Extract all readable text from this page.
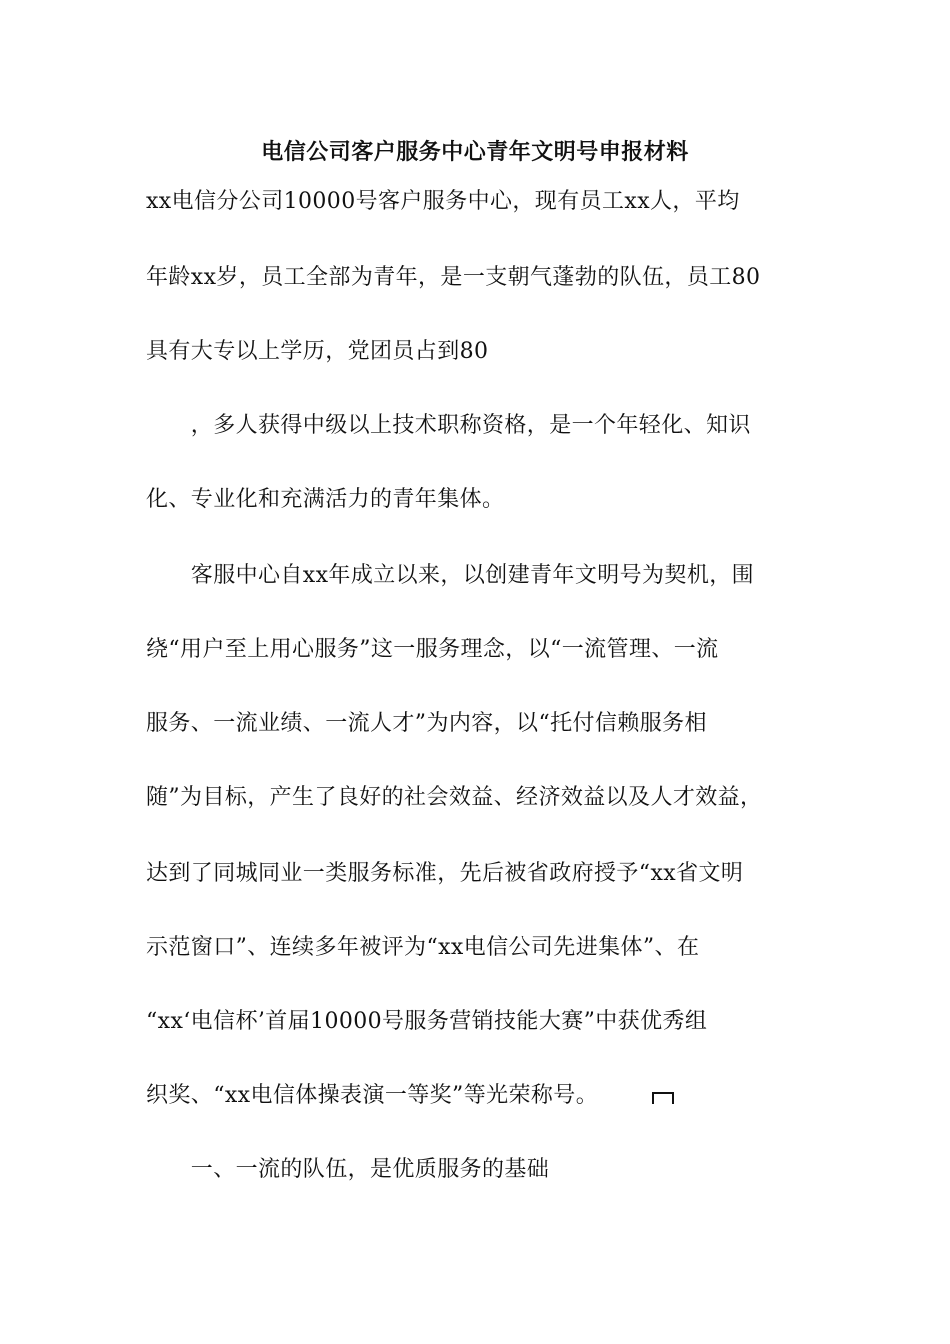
电信公司客户服务中心青年文明号申报材料
xx电信分公司10000号客户服务中心，现有员工xx人，平均
年龄xx岁，员工全部为青年，是一支朝气蓬勃的队伍，员工80
具有大专以上学历，党团员占到80
　　，多人获得中级以上技术职称资格，是一个年轻化、知识
化、专业化和充满活力的青年集体。
　　客服中心自xx年成立以来，以创建青年文明号为契机，围
绕“用户至上用心服务”这一服务理念，以“一流管理、一流
服务、一流业绩、一流人才”为内容，以“托付信赖服务相
随”为目标，产生了良好的社会效益、经济效益以及人才效益，
达到了同城同业一类服务标准，先后被省政府授予“xx省文明
示范窗口”、连续多年被评为“xx电信公司先进集体”、在
“xx‘电信杯’首届10000号服务营销技能大赛”中获优秀组
织奖、“xx电信体操表演一等奖”等光荣称号。
　　一、一流的队伍，是优质服务的基础
